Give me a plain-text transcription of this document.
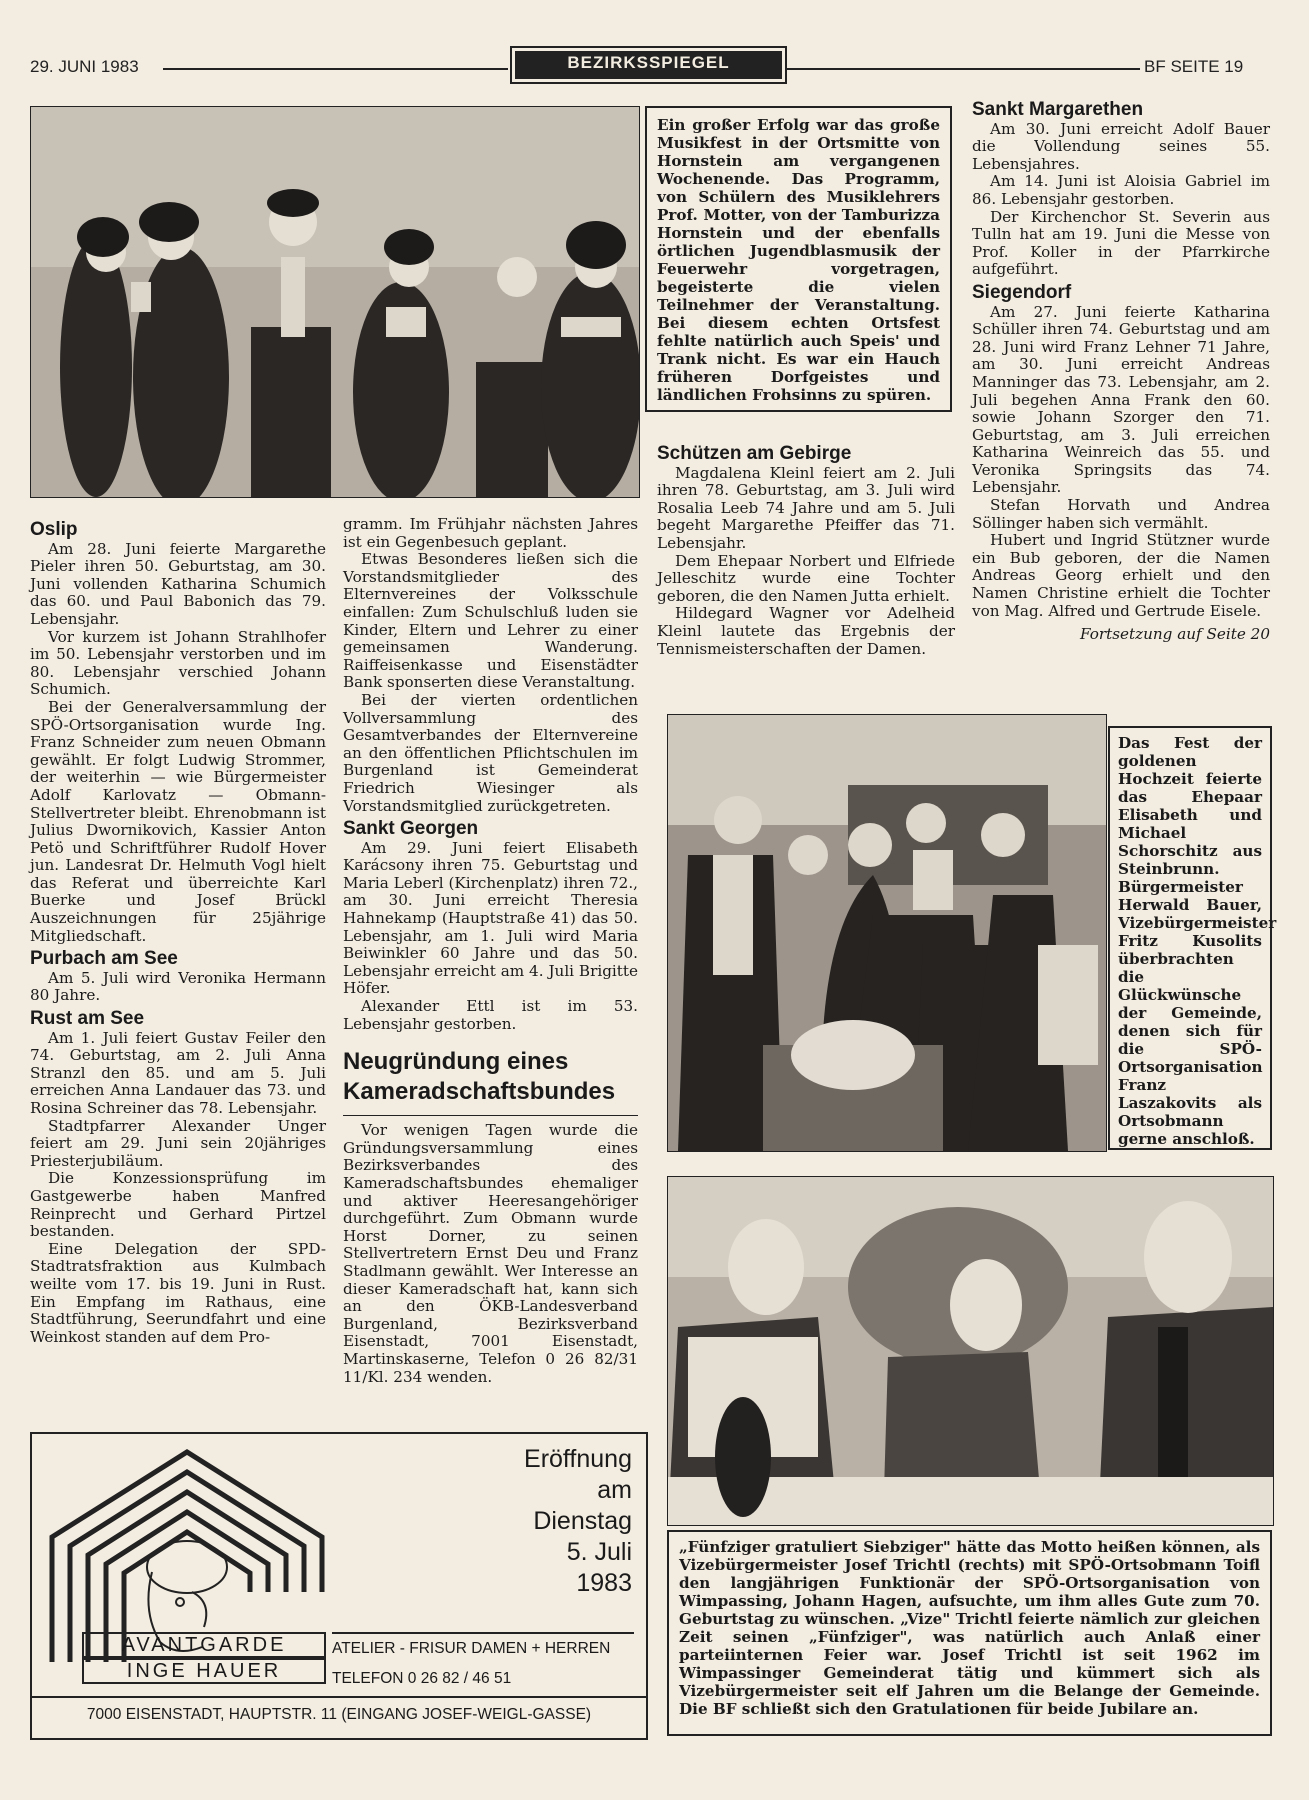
29. JUNI 1983	BEZIRKSSPIEGEL	BF SEITE 19
Ein großer Erfolg war das große Musikfest in der Ortsmitte von Hornstein am vergangenen Wochenende. Das Programm, von Schülern des Musiklehrers Prof. Motter, von der Tamburizza Hornstein und der ebenfalls örtlichen Jugendblasmusik der Feuerwehr vorgetragen, begeisterte die vielen Teilnehmer der Veranstaltung. Bei diesem echten Ortsfest fehlte natürlich auch Speis' und Trank nicht. Es war ein Hauch früheren Dorfgeistes und ländlichen Frohsinns zu spüren.
Oslip

Am 28. Juni feierte Margarethe Pieler ihren 50. Geburtstag, am 30. Juni vollenden Katharina Schumich das 60. und Paul Babonich das 79. Lebensjahr.

Vor kurzem ist Johann Strahlhofer im 50. Lebensjahr verstorben und im 80. Lebensjahr verschied Johann Schumich.

Bei der Generalversammlung der SPÖ-Ortsorganisation wurde Ing. Franz Schneider zum neuen Obmann gewählt. Er folgt Ludwig Strommer, der weiterhin — wie Bürgermeister Adolf Karlovatz — Obmann-Stellvertreter bleibt. Ehrenobmann ist Julius Dwornikovich, Kassier Anton Petö und Schriftführer Rudolf Hover jun. Landesrat Dr. Helmuth Vogl hielt das Referat und überreichte Karl Buerke und Josef Brückl Auszeichnungen für 25jährige Mitgliedschaft.

Purbach am See

Am 5. Juli wird Veronika Hermann 80 Jahre.

Rust am See

Am 1. Juli feiert Gustav Feiler den 74. Geburtstag, am 2. Juli Anna Stranzl den 85. und am 5. Juli erreichen Anna Landauer das 73. und Rosina Schreiner das 78. Lebensjahr.

Stadtpfarrer Alexander Unger feiert am 29. Juni sein 20jähriges Priesterjubiläum.

Die Konzessionsprüfung im Gastgewerbe haben Manfred Reinprecht und Gerhard Pirtzel bestanden.

Eine Delegation der SPD-Stadtratsfraktion aus Kulmbach weilte vom 17. bis 19. Juni in Rust. Ein Empfang im Rathaus, eine Stadtführung, Seerundfahrt und eine Weinkost standen auf dem Pro-

gramm. Im Frühjahr nächsten Jahres ist ein Gegenbesuch geplant.

Etwas Besonderes ließen sich die Vorstandsmitglieder des Elternvereines der Volksschule einfallen: Zum Schulschluß luden sie Kinder, Eltern und Lehrer zu einer gemeinsamen Wanderung. Raiffeisenkasse und Eisenstädter Bank sponserten diese Veranstaltung.

Bei der vierten ordentlichen Vollversammlung des Gesamtverbandes der Elternvereine an den öffentlichen Pflichtschulen im Burgenland ist Gemeinderat Friedrich Wiesinger als Vorstandsmitglied zurückgetreten.

Sankt Georgen

Am 29. Juni feiert Elisabeth Karácsony ihren 75. Geburtstag und Maria Leberl (Kirchenplatz) ihren 72., am 30. Juni erreicht Theresia Hahnekamp (Hauptstraße 41) das 50. Lebensjahr, am 1. Juli wird Maria Beiwinkler 60 Jahre und das 50. Lebensjahr erreicht am 4. Juli Brigitte Höfer.

Alexander Ettl ist im 53. Lebensjahr gestorben.

Neugründung eines
Kameradschaftsbundes

Vor wenigen Tagen wurde die Gründungsversammlung eines Bezirksverbandes des Kameradschaftsbundes ehemaliger und aktiver Heeresangehöriger durchgeführt. Zum Obmann wurde Horst Dorner, zu seinen Stellvertretern Ernst Deu und Franz Stadlmann gewählt. Wer Interesse an dieser Kameradschaft hat, kann sich an den ÖKB-Landesverband Burgenland, Bezirksverband Eisenstadt, 7001 Eisenstadt, Martinskaserne, Telefon 0 26 82/31 11/Kl. 234 wenden.

Schützen am Gebirge

Magdalena Kleinl feiert am 2. Juli ihren 78. Geburtstag, am 3. Juli wird Rosalia Leeb 74 Jahre und am 5. Juli begeht Margarethe Pfeiffer das 71. Lebensjahr.

Dem Ehepaar Norbert und Elfriede Jelleschitz wurde eine Tochter geboren, die den Namen Jutta erhielt.

Hildegard Wagner vor Adelheid Kleinl lautete das Ergebnis der Tennismeisterschaften der Damen.

Sankt Margarethen

Am 30. Juni erreicht Adolf Bauer die Vollendung seines 55. Lebensjahres.

Am 14. Juni ist Aloisia Gabriel im 86. Lebensjahr gestorben.

Der Kirchenchor St. Severin aus Tulln hat am 19. Juni die Messe von Prof. Koller in der Pfarrkirche aufgeführt.

Siegendorf

Am 27. Juni feierte Katharina Schüller ihren 74. Geburtstag und am 28. Juni wird Franz Lehner 71 Jahre, am 30. Juni erreicht Andreas Manninger das 73. Lebensjahr, am 2. Juli begehen Anna Frank den 60. sowie Johann Szorger den 71. Geburtstag, am 3. Juli erreichen Katharina Weinreich das 55. und Veronika Springsits das 74. Lebensjahr.

Stefan Horvath und Andrea Söllinger haben sich vermählt.

Hubert und Ingrid Stützner wurde ein Bub geboren, der die Namen Andreas Georg erhielt und den Namen Christine erhielt die Tochter von Mag. Alfred und Gertrude Eisele.

Fortsetzung auf Seite 20
Das Fest der goldenen Hochzeit feierte das Ehepaar Elisabeth und Michael Schorschitz aus Steinbrunn. Bürgermeister Herwald Bauer, Vizebürgermeister Fritz Kusolits überbrachten die Glückwünsche der Gemeinde, denen sich für die SPÖ-Ortsorganisation Franz Laszakovits als Ortsobmann gerne anschloß.
„Fünfziger gratuliert Siebziger" hätte das Motto heißen können, als Vizebürgermeister Josef Trichtl (rechts) mit SPÖ-Ortsobmann Toifl den langjährigen Funktionär der SPÖ-Ortsorganisation von Wimpassing, Johann Hagen, aufsuchte, um ihm alles Gute zum 70. Geburtstag zu wünschen. „Vize" Trichtl feierte nämlich zur gleichen Zeit seinen „Fünfziger", was natürlich auch Anlaß einer parteiinternen Feier war. Josef Trichtl ist seit 1962 im Wimpassinger Gemeinderat tätig und kümmert sich als Vizebürgermeister seit elf Jahren um die Belange der Gemeinde. Die BF schließt sich den Gratulationen für beide Jubilare an.
Eröffnung
am
Dienstag
5. Juli
1983
AVANTGARDE
INGE HAUER
ATELIER - FRISUR DAMEN + HERREN
TELEFON 0 26 82 / 46 51
7000 EISENSTADT, HAUPTSTR. 11 (EINGANG JOSEF-WEIGL-GASSE)
